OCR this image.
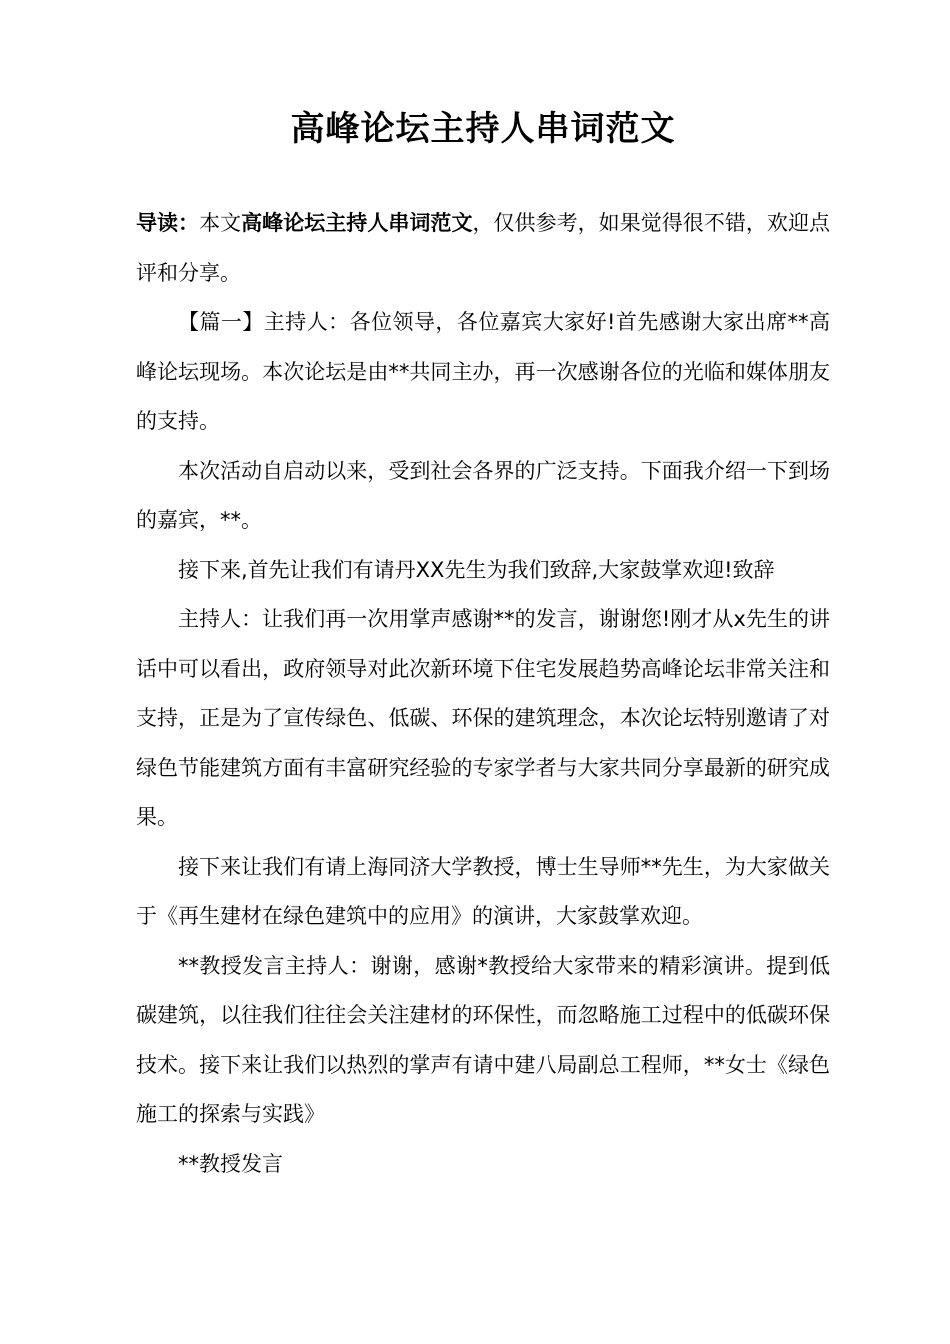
高峰论坛主持人串词范文

导读：本文高峰论坛主持人串词范文，仅供参考，如果觉得很不错，欢迎点评和分享。

【篇一】主持人：各位领导，各位嘉宾大家好!首先感谢大家出席**高峰论坛现场。本次论坛是由**共同主办，再一次感谢各位的光临和媒体朋友的支持。

本次活动自启动以来，受到社会各界的广泛支持。下面我介绍一下到场的嘉宾，**。

接下来,首先让我们有请丹XX先生为我们致辞,大家鼓掌欢迎!致辞

主持人：让我们再一次用掌声感谢**的发言，谢谢您!刚才从x先生的讲话中可以看出，政府领导对此次新环境下住宅发展趋势高峰论坛非常关注和支持，正是为了宣传绿色、低碳、环保的建筑理念，本次论坛特别邀请了对绿色节能建筑方面有丰富研究经验的专家学者与大家共同分享最新的研究成果。

接下来让我们有请上海同济大学教授，博士生导师**先生，为大家做关于《再生建材在绿色建筑中的应用》的演讲，大家鼓掌欢迎。

**教授发言主持人：谢谢，感谢*教授给大家带来的精彩演讲。提到低碳建筑，以往我们往往会关注建材的环保性，而忽略施工过程中的低碳环保技术。接下来让我们以热烈的掌声有请中建八局副总工程师，**女士《绿色施工的探索与实践》

**教授发言
